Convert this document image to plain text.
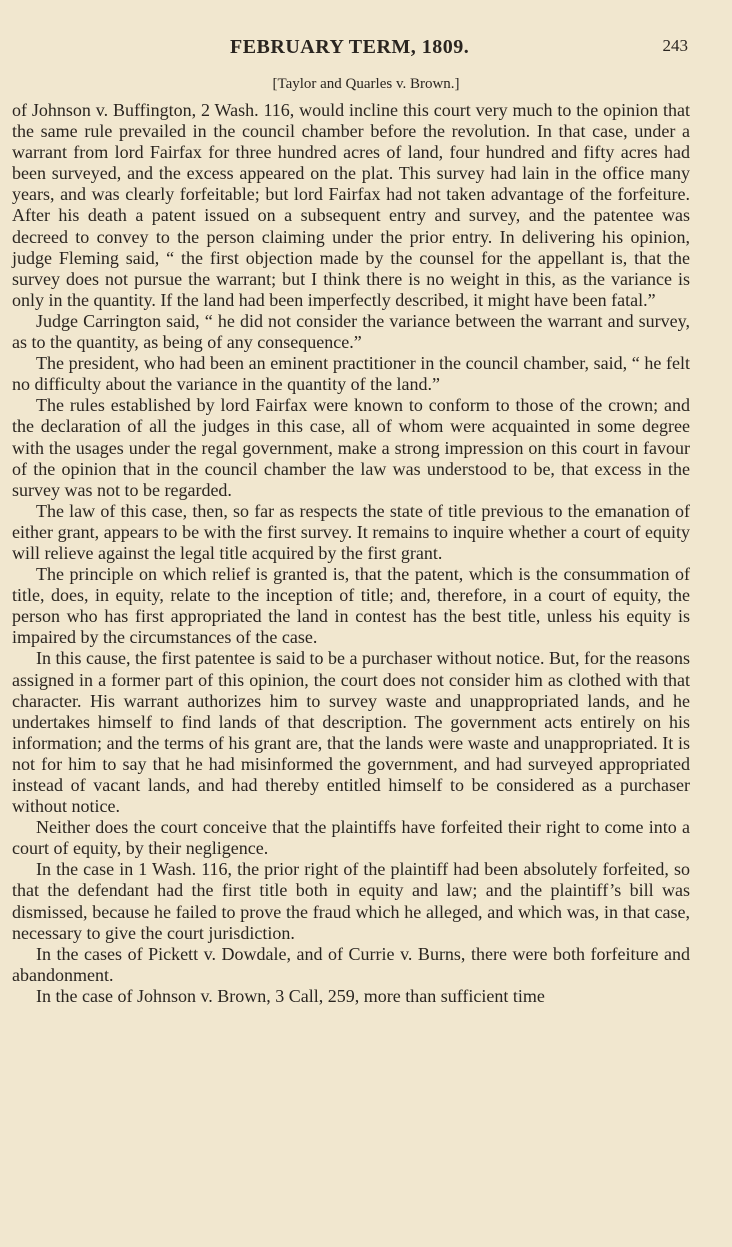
FEBRUARY TERM, 1809.	243
[Taylor and Quarles v. Brown.]

of Johnson v. Buffington, 2 Wash. 116, would incline this court very much to the opinion that the same rule prevailed in the council chamber before the revolution. In that case, under a warrant from lord Fairfax for three hundred acres of land, four hundred and fifty acres had been surveyed, and the excess appeared on the plat. This survey had lain in the office many years, and was clearly forfeitable; but lord Fairfax had not taken advantage of the forfeiture. After his death a patent issued on a subsequent entry and survey, and the patentee was decreed to convey to the person claiming under the prior entry. In delivering his opinion, judge Fleming said, “ the first objection made by the counsel for the appellant is, that the survey does not pursue the warrant; but I think there is no weight in this, as the variance is only in the quantity. If the land had been imperfectly described, it might have been fatal.”

Judge Carrington said, “ he did not consider the variance between the warrant and survey, as to the quantity, as being of any consequence.”

The president, who had been an eminent practitioner in the council chamber, said, “ he felt no difficulty about the variance in the quantity of the land.”

The rules established by lord Fairfax were known to conform to those of the crown; and the declaration of all the judges in this case, all of whom were acquainted in some degree with the usages under the regal government, make a strong impression on this court in favour of the opinion that in the council chamber the law was understood to be, that excess in the survey was not to be regarded.

The law of this case, then, so far as respects the state of title previous to the emanation of either grant, appears to be with the first survey. It remains to inquire whether a court of equity will relieve against the legal title acquired by the first grant.

The principle on which relief is granted is, that the patent, which is the consummation of title, does, in equity, relate to the inception of title; and, therefore, in a court of equity, the person who has first appropriated the land in contest has the best title, unless his equity is impaired by the circumstances of the case.

In this cause, the first patentee is said to be a purchaser without notice. But, for the reasons assigned in a former part of this opinion, the court does not consider him as clothed with that character. His warrant authorizes him to survey waste and unappropriated lands, and he undertakes himself to find lands of that description. The government acts entirely on his information; and the terms of his grant are, that the lands were waste and unappropriated. It is not for him to say that he had misinformed the government, and had surveyed appropriated instead of vacant lands, and had thereby entitled himself to be considered as a purchaser without notice.

Neither does the court conceive that the plaintiffs have forfeited their right to come into a court of equity, by their negligence.

In the case in 1 Wash. 116, the prior right of the plaintiff had been absolutely forfeited, so that the defendant had the first title both in equity and law; and the plaintiff’s bill was dismissed, because he failed to prove the fraud which he alleged, and which was, in that case, necessary to give the court jurisdiction.

In the cases of Pickett v. Dowdale, and of Currie v. Burns, there were both forfeiture and abandonment.

In the case of Johnson v. Brown, 3 Call, 259, more than sufficient time
